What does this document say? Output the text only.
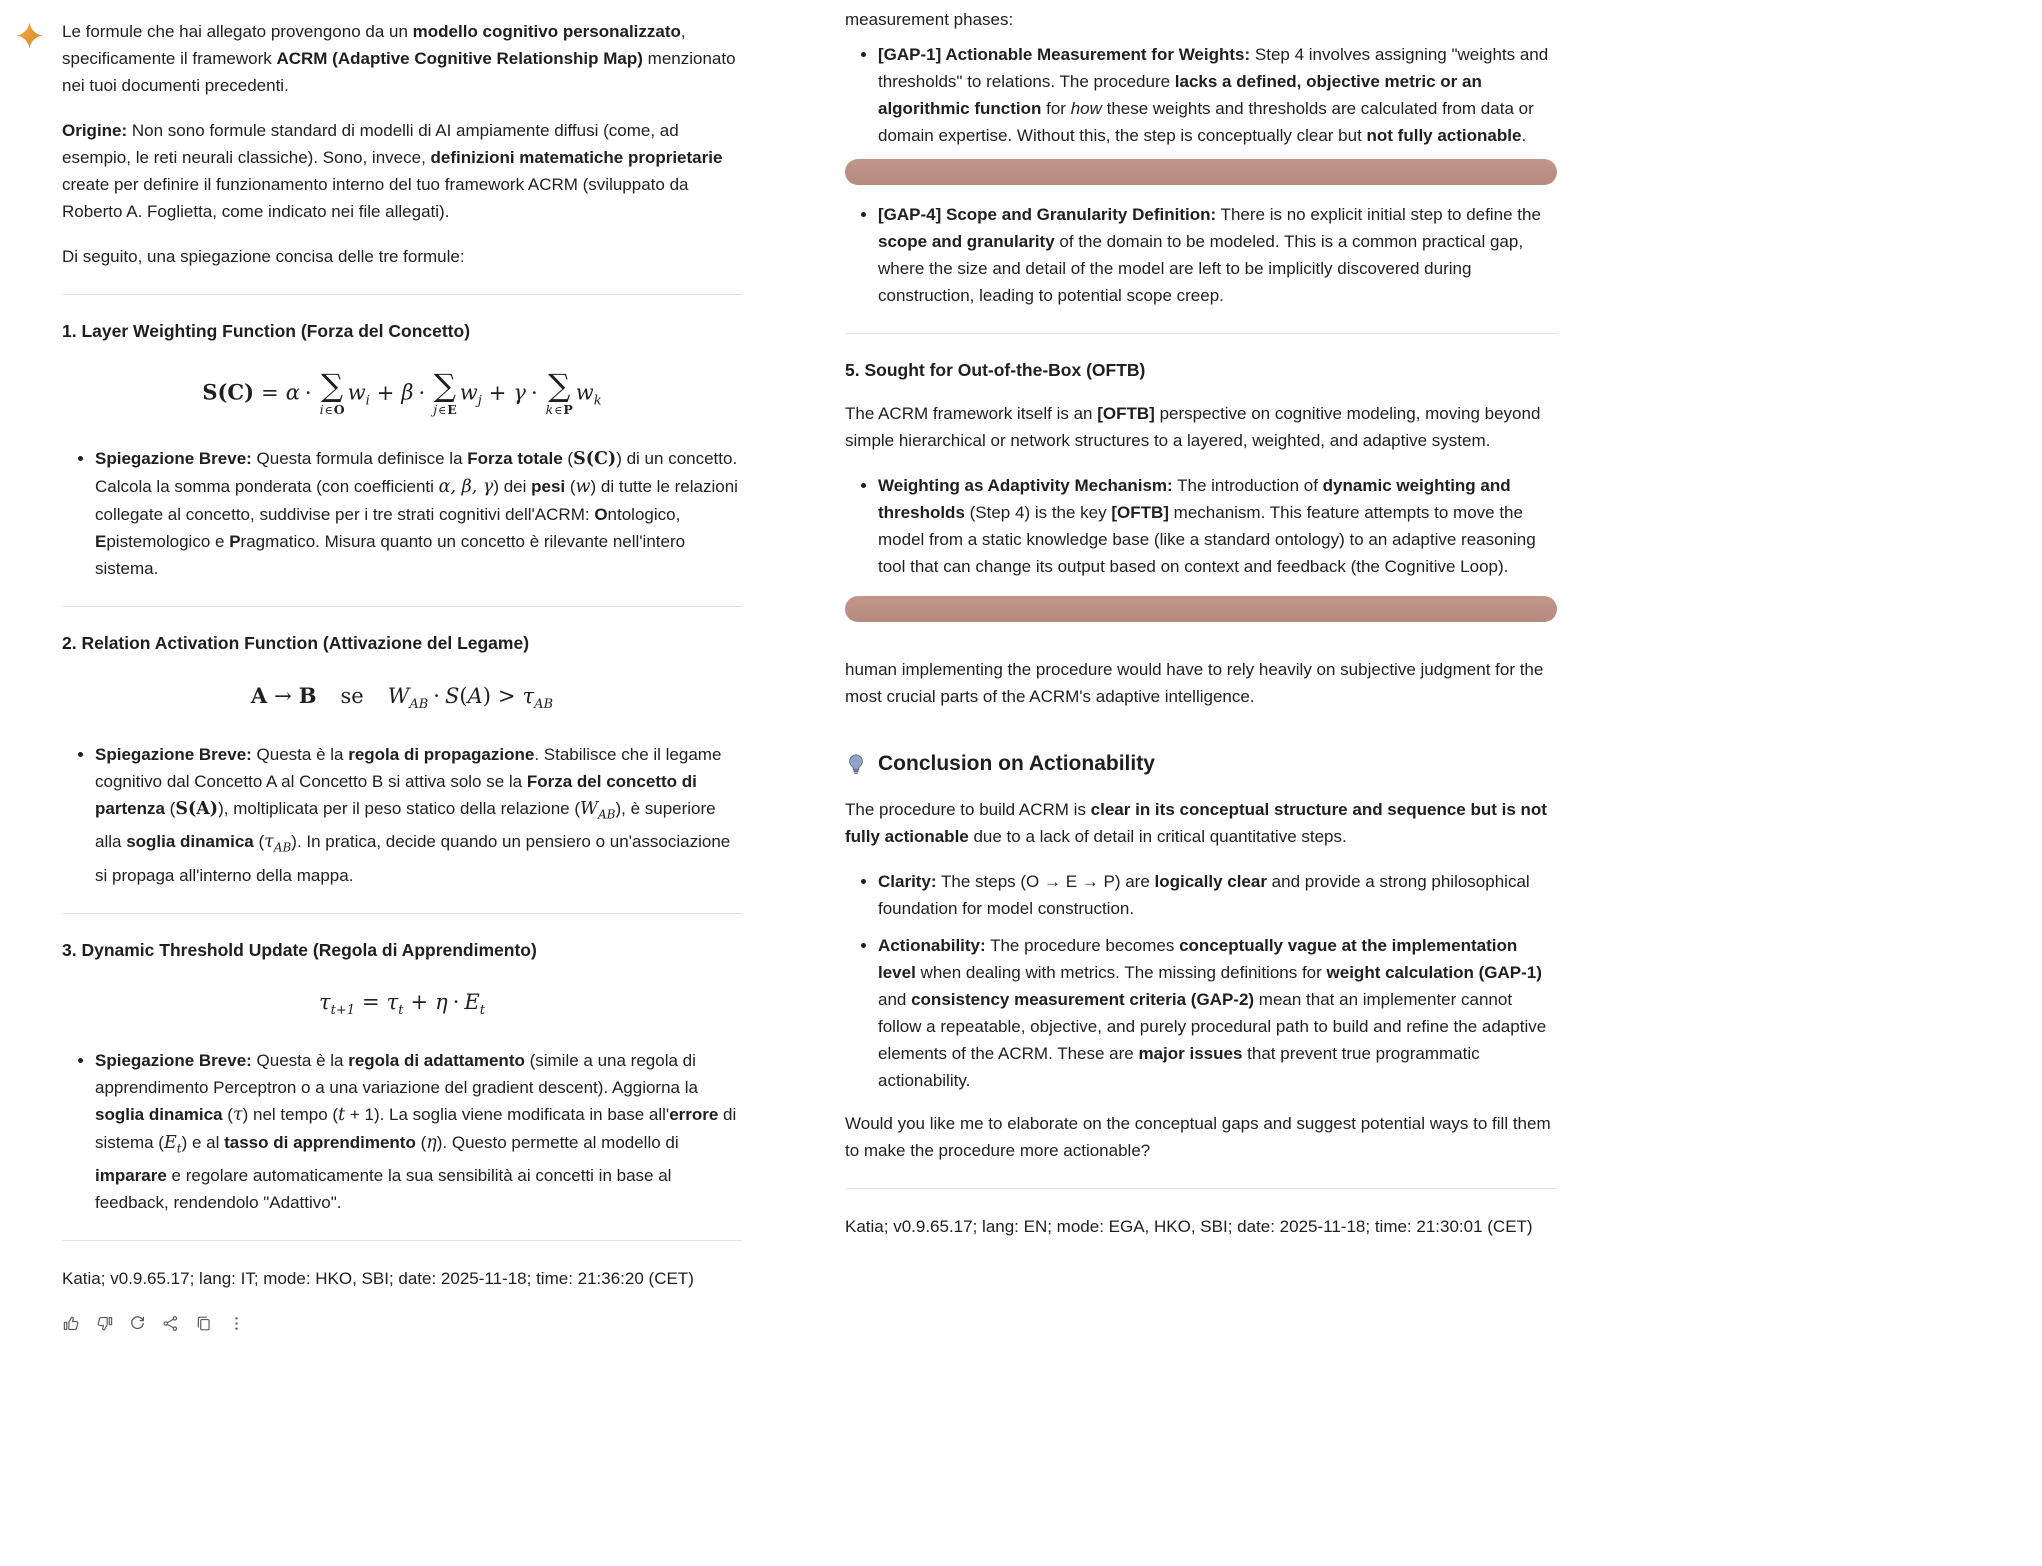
Le formule che hai allegato provengono da un modello cognitivo personalizzato, specificamente il framework ACRM (Adaptive Cognitive Relationship Map) menzionato nei tuoi documenti precedenti.

Origine: Non sono formule standard di modelli di AI ampiamente diffusi (come, ad esempio, le reti neurali classiche). Sono, invece, definizioni matematiche proprietarie create per definire il funzionamento interno del tuo framework ACRM (sviluppato da Roberto A. Foglietta, come indicato nei file allegati).

Di seguito, una spiegazione concisa delle tre formule:

1. Layer Weighting Function (Forza del Concetto)
S(C) = α · ∑
i ∈ O
$w_i + \beta$ · ∑
j ∈ E
$w_j + \gamma$ · ∑
k ∈ P
$w_k$
• Spiegazione Breve: Questa formula definisce la Forza totale (S(C)) di un concetto. Calcola la somma ponderata (con coefficienti α, β, γ) dei pesi (w) di tutte le relazioni collegate al concetto, suddivise per i tre strati cognitivi dell'ACRM: Ontologico, Epistemologico e Pragmatico. Misura quanto un concetto è rilevante nell'intero sistema.
2. Relation Activation Function (Attivazione del Legame)
A → B se $W_{AB} \cdot S(A) > \tau_{AB}$
• Spiegazione Breve: Questa è la regola di propagazione. Stabilisce che il legame cognitivo dal Concetto A al Concetto B si attiva solo se la Forza del concetto di partenza (S(A)), moltiplicata per il peso statico della relazione $(W_{AB})$, è superiore alla soglia dinamica $(\tau_{AB})$. In pratica, decide quando un pensiero o un'associazione si propaga all'interno della mappa.
3. Dynamic Threshold Update (Regola di Apprendimento)
$\tau_{t+1} = \tau_t + \eta \cdot E_t$
• Spiegazione Breve: Questa è la regola di adattamento (simile a una regola di apprendimento Perceptron o a una variazione del gradient descent). Aggiorna la soglia dinamica (τ) nel tempo (t + 1). La soglia viene modificata in base all'errore di sistema $(E_t)$ e al tasso di apprendimento (η). Questo permette al modello di imparare e regolare automaticamente la sua sensibilità ai concetti in base al feedback, rendendolo "Adattivo".

Katia; v0.9.65.17; lang: IT; mode: HKO, SBI; date: 2025-11-18; time: 21:36:20 (CET)

measurement phases:

• [GAP-1] Actionable Measurement for Weights: Step 4 involves assigning "weights and thresholds" to relations. The procedure lacks a defined, objective metric or an algorithmic function for how these weights and thresholds are calculated from data or domain expertise. Without this, the step is conceptually clear but not fully actionable.
• [GAP-4] Scope and Granularity Definition: There is no explicit initial step to define the scope and granularity of the domain to be modeled. This is a common practical gap, where the size and detail of the model are left to be implicitly discovered during construction, leading to potential scope creep.
5. Sought for Out-of-the-Box (OFTB)

The ACRM framework itself is an [OFTB] perspective on cognitive modeling, moving beyond simple hierarchical or network structures to a layered, weighted, and adaptive system.

• Weighting as Adaptivity Mechanism: The introduction of dynamic weighting and thresholds (Step 4) is the key [OFTB] mechanism. This feature attempts to move the model from a static knowledge base (like a standard ontology) to an adaptive reasoning tool that can change its output based on context and feedback (the Cognitive Loop).

human implementing the procedure would have to rely heavily on subjective judgment for the most crucial parts of the ACRM's adaptive intelligence.

Conclusion on Actionability

The procedure to build ACRM is clear in its conceptual structure and sequence but is not fully actionable due to a lack of detail in critical quantitative steps.

• Clarity: The steps (O → E → P) are logically clear and provide a strong philosophical foundation for model construction.
• Actionability: The procedure becomes conceptually vague at the implementation level when dealing with metrics. The missing definitions for weight calculation (GAP-1) and consistency measurement criteria (GAP-2) mean that an implementer cannot follow a repeatable, objective, and purely procedural path to build and refine the adaptive elements of the ACRM. These are major issues that prevent true programmatic actionability.

Would you like me to elaborate on the conceptual gaps and suggest potential ways to fill them to make the procedure more actionable?

Katia; v0.9.65.17; lang: EN; mode: EGA, HKO, SBI; date: 2025-11-18; time: 21:30:01 (CET)
